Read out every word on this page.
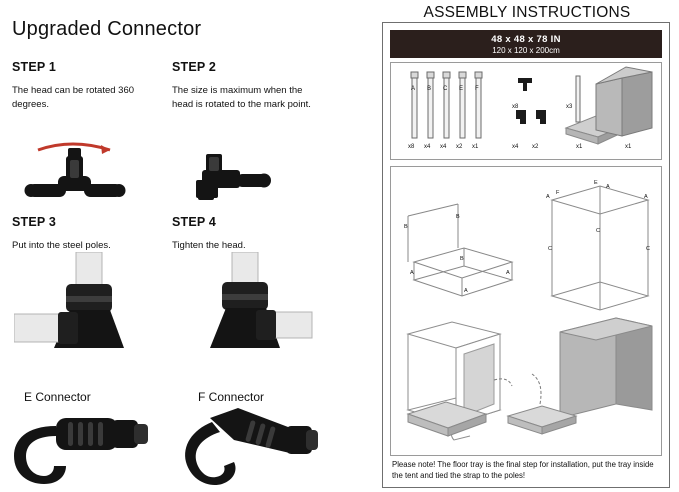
Upgraded Connector
STEP 1
The head can be rotated 360 degrees.
STEP 2
The size is maximum when the head is rotated to the mark point.
STEP 3
Put into the steel poles.
STEP 4
Tighten the head.
E Connector	F Connector
ASSEMBLY INSTRUCTIONS
48 x 48 x 78 IN
120 x 120 x 200cm
A B C E F
x8 x4 x4 x2 x1
x8
x4 x2
x3
x1	x1
B
B
A
B
A
A
A
F
E
A
A
C
C
C
Please note! The floor tray is the final step for installation, put the tray inside the tent and tied the strap to the poles!
